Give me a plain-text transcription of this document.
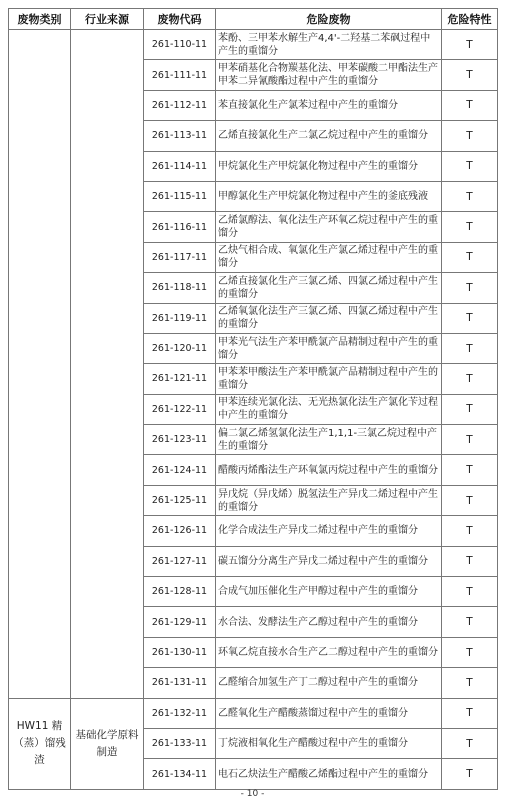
废物类别	行业来源	废物代码	危险废物	危险特性
		261-110-11	苯酚、三甲苯水解生产4,4'-二羟基二苯砜过程中产生的重馏分	T
		261-111-11	甲苯硝基化合物羰基化法、甲苯碳酸二甲酯法生产甲苯二异氰酸酯过程中产生的重馏分	T
		261-112-11	苯直接氯化生产氯苯过程中产生的重馏分	T
		261-113-11	乙烯直接氯化生产二氯乙烷过程中产生的重馏分	T
		261-114-11	甲烷氯化生产甲烷氯化物过程中产生的重馏分	T
		261-115-11	甲醇氯化生产甲烷氯化物过程中产生的釜底残液	T
		261-116-11	乙烯氯醇法、氧化法生产环氧乙烷过程中产生的重馏分	T
		261-117-11	乙炔气相合成、氧氯化生产氯乙烯过程中产生的重馏分	T
		261-118-11	乙烯直接氯化生产三氯乙烯、四氯乙烯过程中产生的重馏分	T
		261-119-11	乙烯氧氯化法生产三氯乙烯、四氯乙烯过程中产生的重馏分	T
		261-120-11	甲苯光气法生产苯甲酰氯产品精制过程中产生的重馏分	T
		261-121-11	甲苯苯甲酸法生产苯甲酰氯产品精制过程中产生的重馏分	T
		261-122-11	甲苯连续光氯化法、无光热氯化法生产氯化苄过程中产生的重馏分	T
		261-123-11	偏二氯乙烯氢氯化法生产1,1,1-三氯乙烷过程中产生的重馏分	T
		261-124-11	醋酸丙烯酯法生产环氧氯丙烷过程中产生的重馏分	T
		261-125-11	异戊烷（异戊烯）脱氢法生产异戊二烯过程中产生的重馏分	T
		261-126-11	化学合成法生产异戊二烯过程中产生的重馏分	T
		261-127-11	碳五馏分分离生产异戊二烯过程中产生的重馏分	T
		261-128-11	合成气加压催化生产甲醇过程中产生的重馏分	T
		261-129-11	水合法、发酵法生产乙醇过程中产生的重馏分	T
		261-130-11	环氧乙烷直接水合生产乙二醇过程中产生的重馏分	T
		261-131-11	乙醛缩合加氢生产丁二醇过程中产生的重馏分	T

HW11 精（蒸）馏残渣	基础化学原料制造	261-132-11	乙醛氧化生产醋酸蒸馏过程中产生的重馏分	T
		261-133-11	丁烷液相氧化生产醋酸过程中产生的重馏分	T
		261-134-11	电石乙炔法生产醋酸乙烯酯过程中产生的重馏分	T
- 10 -
